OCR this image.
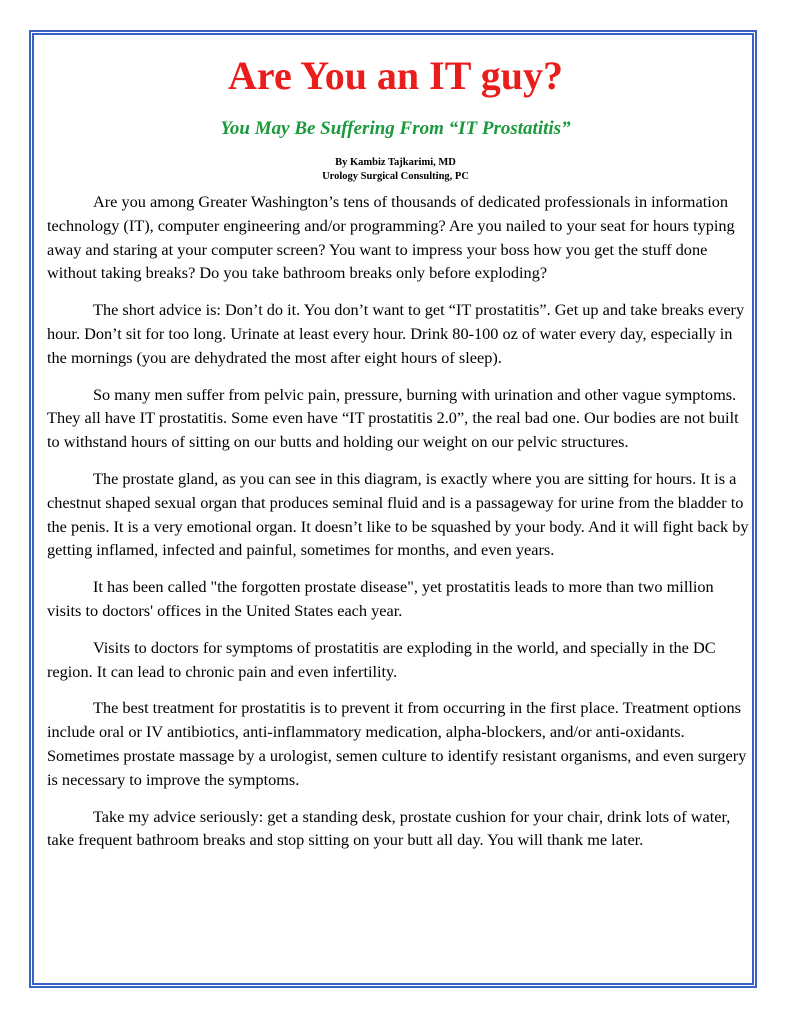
Are You an IT guy?
You May Be Suffering From “IT Prostatitis”
By Kambiz Tajkarimi, MD
Urology Surgical Consulting, PC

Are you among Greater Washington’s tens of thousands of dedicated professionals in information technology (IT), computer engineering and/or programming? Are you nailed to your seat for hours typing away and staring at your computer screen? You want to impress your boss how you get the stuff done without taking breaks? Do you take bathroom breaks only before exploding?

The short advice is: Don’t do it. You don’t want to get “IT prostatitis”. Get up and take breaks every hour. Don’t sit for too long. Urinate at least every hour. Drink 80-100 oz of water every day, especially in the mornings (you are dehydrated the most after eight hours of sleep).

So many men suffer from pelvic pain, pressure, burning with urination and other vague symptoms. They all have IT prostatitis. Some even have “IT prostatitis 2.0”, the real bad one. Our bodies are not built to withstand hours of sitting on our butts and holding our weight on our pelvic structures.

The prostate gland, as you can see in this diagram, is exactly where you are sitting for hours. It is a chestnut shaped sexual organ that produces seminal fluid and is a passageway for urine from the bladder to the penis. It is a very emotional organ. It doesn’t like to be squashed by your body. And it will fight back by getting inflamed, infected and painful, sometimes for months, and even years.

It has been called "the forgotten prostate disease", yet prostatitis leads to more than two million visits to doctors' offices in the United States each year.

Visits to doctors for symptoms of prostatitis are exploding in the world, and specially in the DC region. It can lead to chronic pain and even infertility.

The best treatment for prostatitis is to prevent it from occurring in the first place. Treatment options include oral or IV antibiotics, anti-inflammatory medication, alpha-blockers, and/or anti-oxidants. Sometimes prostate massage by a urologist, semen culture to identify resistant organisms, and even surgery is necessary to improve the symptoms.

Take my advice seriously: get a standing desk, prostate cushion for your chair, drink lots of water, take frequent bathroom breaks and stop sitting on your butt all day. You will thank me later.
